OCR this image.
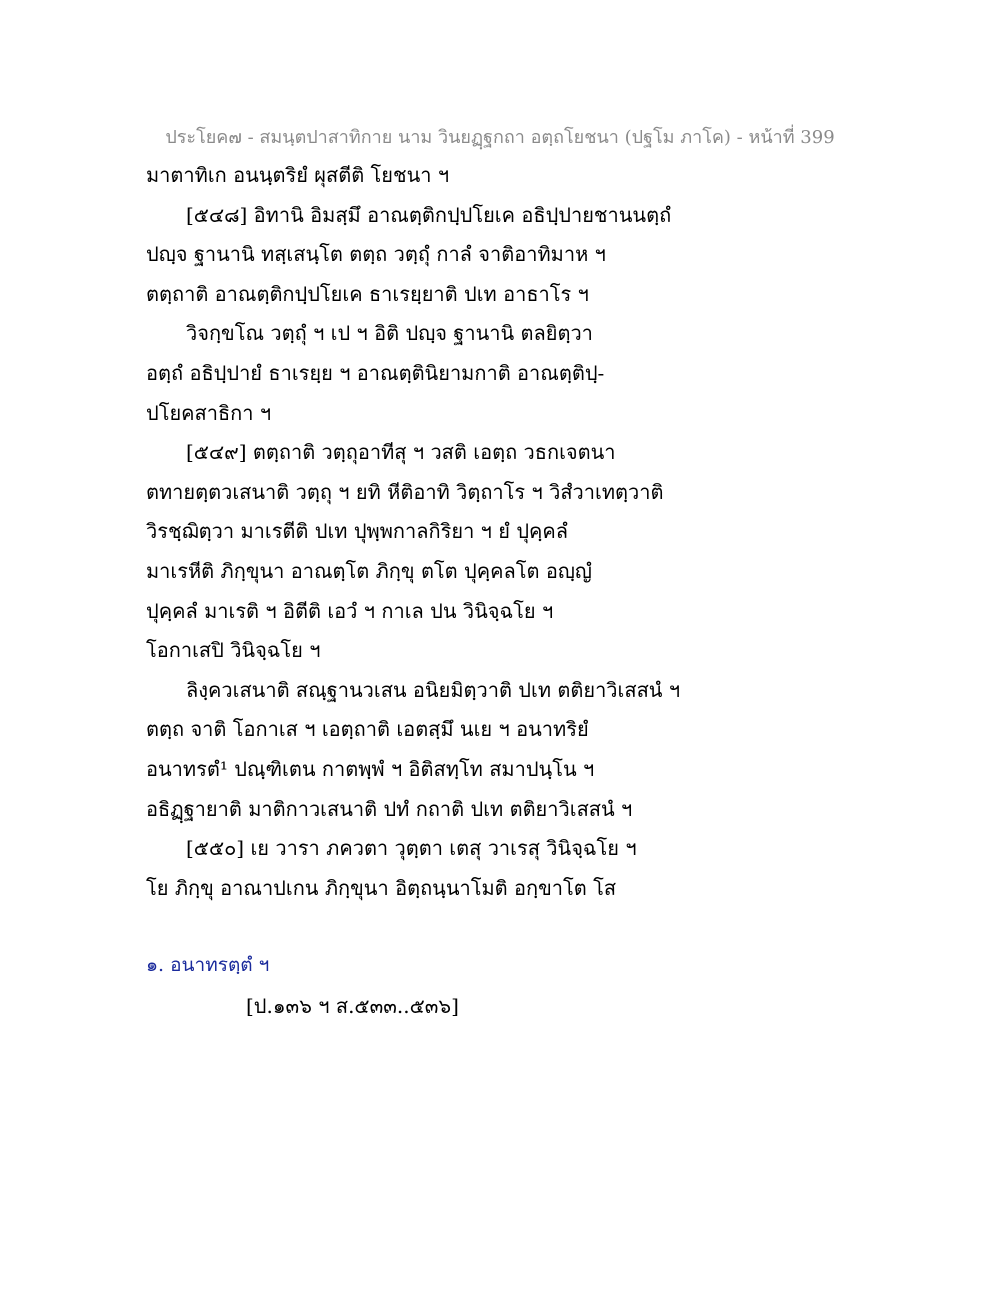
ประโยค๗ - สมนฺตปาสาทิกาย นาม วินยฏฺฐกถา อตฺถโยชนา (ปฐโม ภาโค) - หน้าที่ 399
มาตาทิเก อนนฺตริยํ ผุสตีติ โยชนา ฯ
[๕๔๘] อิทานิ อิมสฺมึ อาณตฺติกปฺปโยเค อธิปฺปายชานนตฺถํ
ปญฺจ ฐานานิ ทสฺเสนฺโต ตตฺถ วตฺถุํ กาลํ จาติอาทิมาห ฯ
ตตฺถาติ อาณตฺติกปฺปโยเค ธาเรยฺยาติ ปเท อาธาโร ฯ
วิจกฺขโณ วตฺถุํ ฯ เป ฯ อิติ ปญฺจ ฐานานิ ตลยิตฺวา
อตฺถํ อธิปฺปายํ ธาเรยฺย ฯ อาณตฺตินิยามกาติ อาณตฺติปฺ-
ปโยคสาธิกา ฯ
[๕๔๙] ตตฺถาติ วตฺถุอาทีสุ ฯ วสติ เอตฺถ วธกเจตนา
ตทายตฺตวเสนาติ วตฺถุ ฯ ยทิ หีติอาทิ วิตฺถาโร ฯ วิสํวาเทตฺวาติ
วิรชฺฌิตฺวา มาเรตีติ ปเท ปุพฺพกาลกิริยา ฯ ยํ ปุคฺคลํ
มาเรหีติ ภิกฺขุนา อาณตฺโต ภิกฺขุ ตโต ปุคฺคลโต อญฺญํ
ปุคฺคลํ มาเรติ ฯ อิตีติ เอวํ ฯ กาเล ปน วินิจฺฉโย ฯ
โอกาเสปิ วินิจฺฉโย ฯ
ลิงฺควเสนาติ สณฺฐานวเสน อนิยมิตฺวาติ ปเท ตติยาวิเสสนํ ฯ
ตตฺถ จาติ โอกาเส ฯ เอตฺถาติ เอตสฺมึ นเย ฯ อนาทริยํ
อนาทรตํ¹ ปณฺฑิเตน กาตพฺพํ ฯ อิติสทฺโท สมาปนฺโน ฯ
อธิฏฺฐายาติ มาติกาวเสนาติ ปทํ กถาติ ปเท ตติยาวิเสสนํ ฯ
[๕๕๐] เย วารา ภควตา วุตฺตา เตสุ วาเรสุ วินิจฺฉโย ฯ
โย ภิกฺขุ อาณาปเกน ภิกฺขุนา อิตฺถนฺนาโมติ อกฺขาโต โส
๑. อนาทรตฺตํ ฯ
[ป.๑๓๖ ฯ ส.๕๓๓..๕๓๖]
